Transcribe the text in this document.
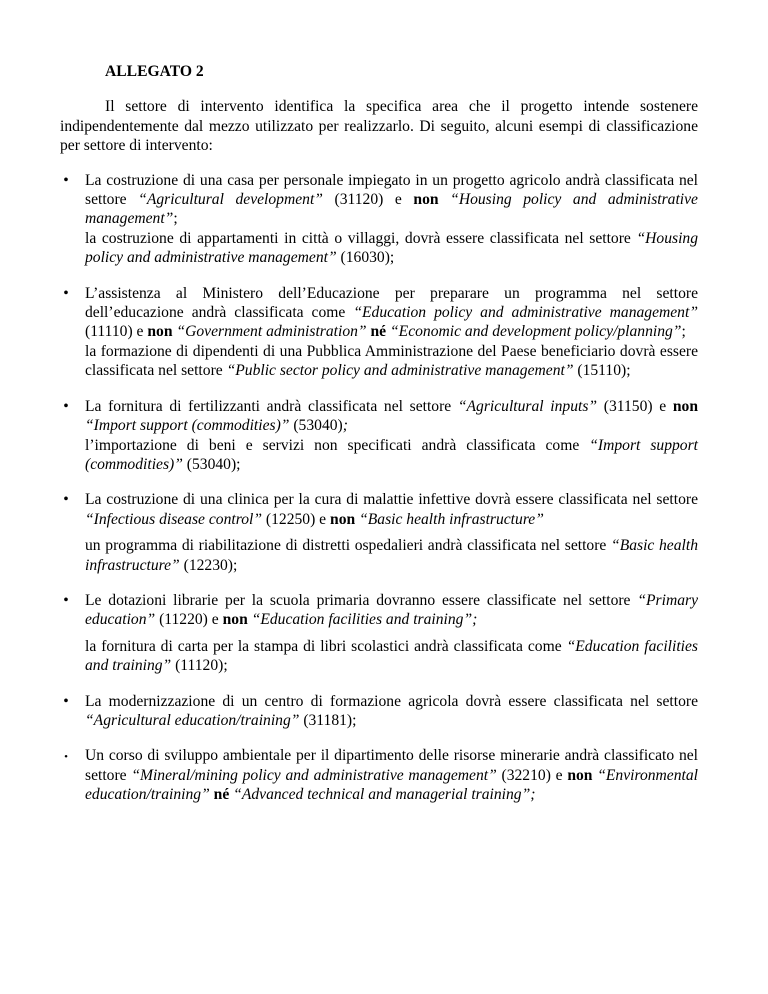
ALLEGATO 2

Il settore di intervento identifica la specifica area che il progetto intende sostenere indipendentemente dal mezzo utilizzato per realizzarlo. Di seguito, alcuni esempi di classificazione per settore di intervento:

• La costruzione di una casa per personale impiegato in un progetto agricolo andrà classificata nel settore “Agricultural development” (31120) e non “Housing policy and administrative management”;

la costruzione di appartamenti in città o villaggi, dovrà essere classificata nel settore “Housing policy and administrative management” (16030);

• L’assistenza al Ministero dell’Educazione per preparare un programma nel settore dell’educazione andrà classificata come “Education policy and administrative management” (11110) e non “Government administration” né “Economic and development policy/planning”;

la formazione di dipendenti di una Pubblica Amministrazione del Paese beneficiario dovrà essere classificata nel settore “Public sector policy and administrative management” (15110);

• La fornitura di fertilizzanti andrà classificata nel settore “Agricultural inputs” (31150) e non “Import support (commodities)” (53040);

l’importazione di beni e servizi non specificati andrà classificata come “Import support (commodities)” (53040);

• La costruzione di una clinica per la cura di malattie infettive dovrà essere classificata nel settore “Infectious disease control” (12250) e non “Basic health infrastructure”

un programma di riabilitazione di distretti ospedalieri andrà classificata nel settore “Basic health infrastructure” (12230);

• Le dotazioni librarie per la scuola primaria dovranno essere classificate nel settore “Primary education” (11220) e non “Education facilities and training”;

la fornitura di carta per la stampa di libri scolastici andrà classificata come “Education facilities and training” (11120);

• La modernizzazione di un centro di formazione agricola dovrà essere classificata nel settore “Agricultural education/training” (31181);

• Un corso di sviluppo ambientale per il dipartimento delle risorse minerarie andrà classificato nel settore “Mineral/mining policy and administrative management” (32210) e non “Environmental education/training” né “Advanced technical and managerial training”;
